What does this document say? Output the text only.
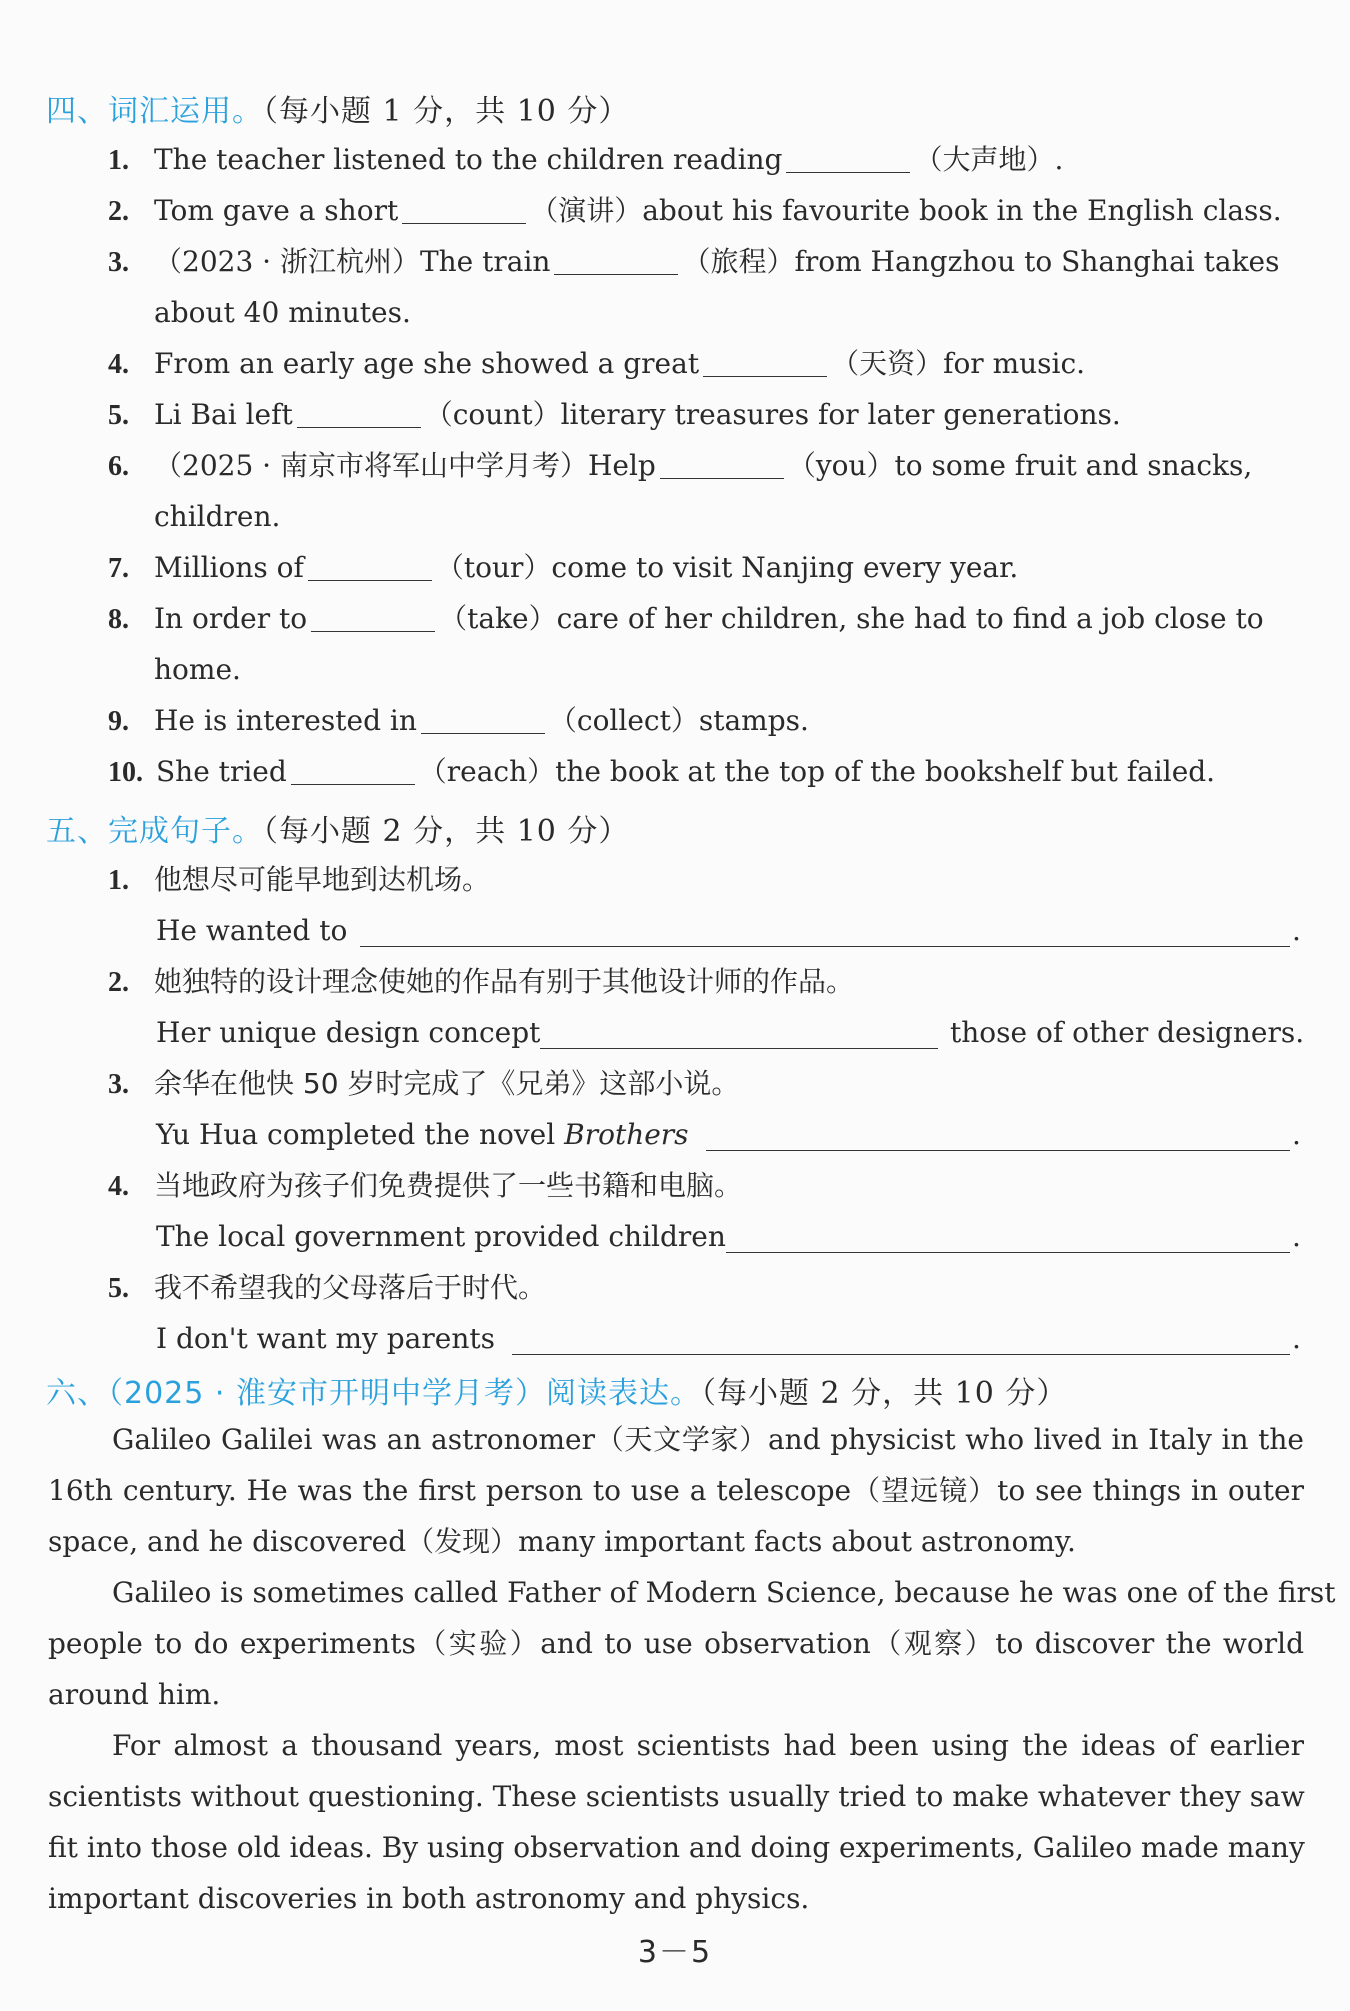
四、词汇运用。（每小题 1 分，共 10 分）
1. The teacher listened to the children reading	（大声地）.
2. Tom gave a short	（演讲）about his favourite book in the English class.
3. （2023 · 浙江杭州）The train	（旅程）from Hangzhou to Shanghai takes
about 40 minutes.
4. From an early age she showed a great	（天资）for music.
5. Li Bai left	（count）literary treasures for later generations.
6. （2025 · 南京市将军山中学月考）Help	（you）to some fruit and snacks,
children.
7. Millions of	（tour）come to visit Nanjing every year.
8. In order to	（take）care of her children, she had to find a job close to
home.
9. He is interested in	（collect）stamps.
10. She tried	（reach）the book at the top of the bookshelf but failed.
五、完成句子。（每小题 2 分，共 10 分）
1. 他想尽可能早地到达机场。
He wanted to	.
2. 她独特的设计理念使她的作品有别于其他设计师的作品。
Her unique design concept	those of other designers.
3. 余华在他快 50 岁时完成了《兄弟》这部小说。
Yu Hua completed the novel Brothers	.
4. 当地政府为孩子们免费提供了一些书籍和电脑。
The local government provided children	.
5. 我不希望我的父母落后于时代。
I don't want my parents	.
六、（2025 · 淮安市开明中学月考）阅读表达。（每小题 2 分，共 10 分）
Galileo Galilei was an astronomer（天文学家）and physicist who lived in Italy in the
16th century. He was the first person to use a telescope（望远镜）to see things in outer
space, and he discovered（发现）many important facts about astronomy.
Galileo is sometimes called Father of Modern Science, because he was one of the first
people to do experiments（实验）and to use observation（观察）to discover the world
around him.
For almost a thousand years, most scientists had been using the ideas of earlier
scientists without questioning. These scientists usually tried to make whatever they saw
fit into those old ideas. By using observation and doing experiments, Galileo made many
important discoveries in both astronomy and physics.
3－5
